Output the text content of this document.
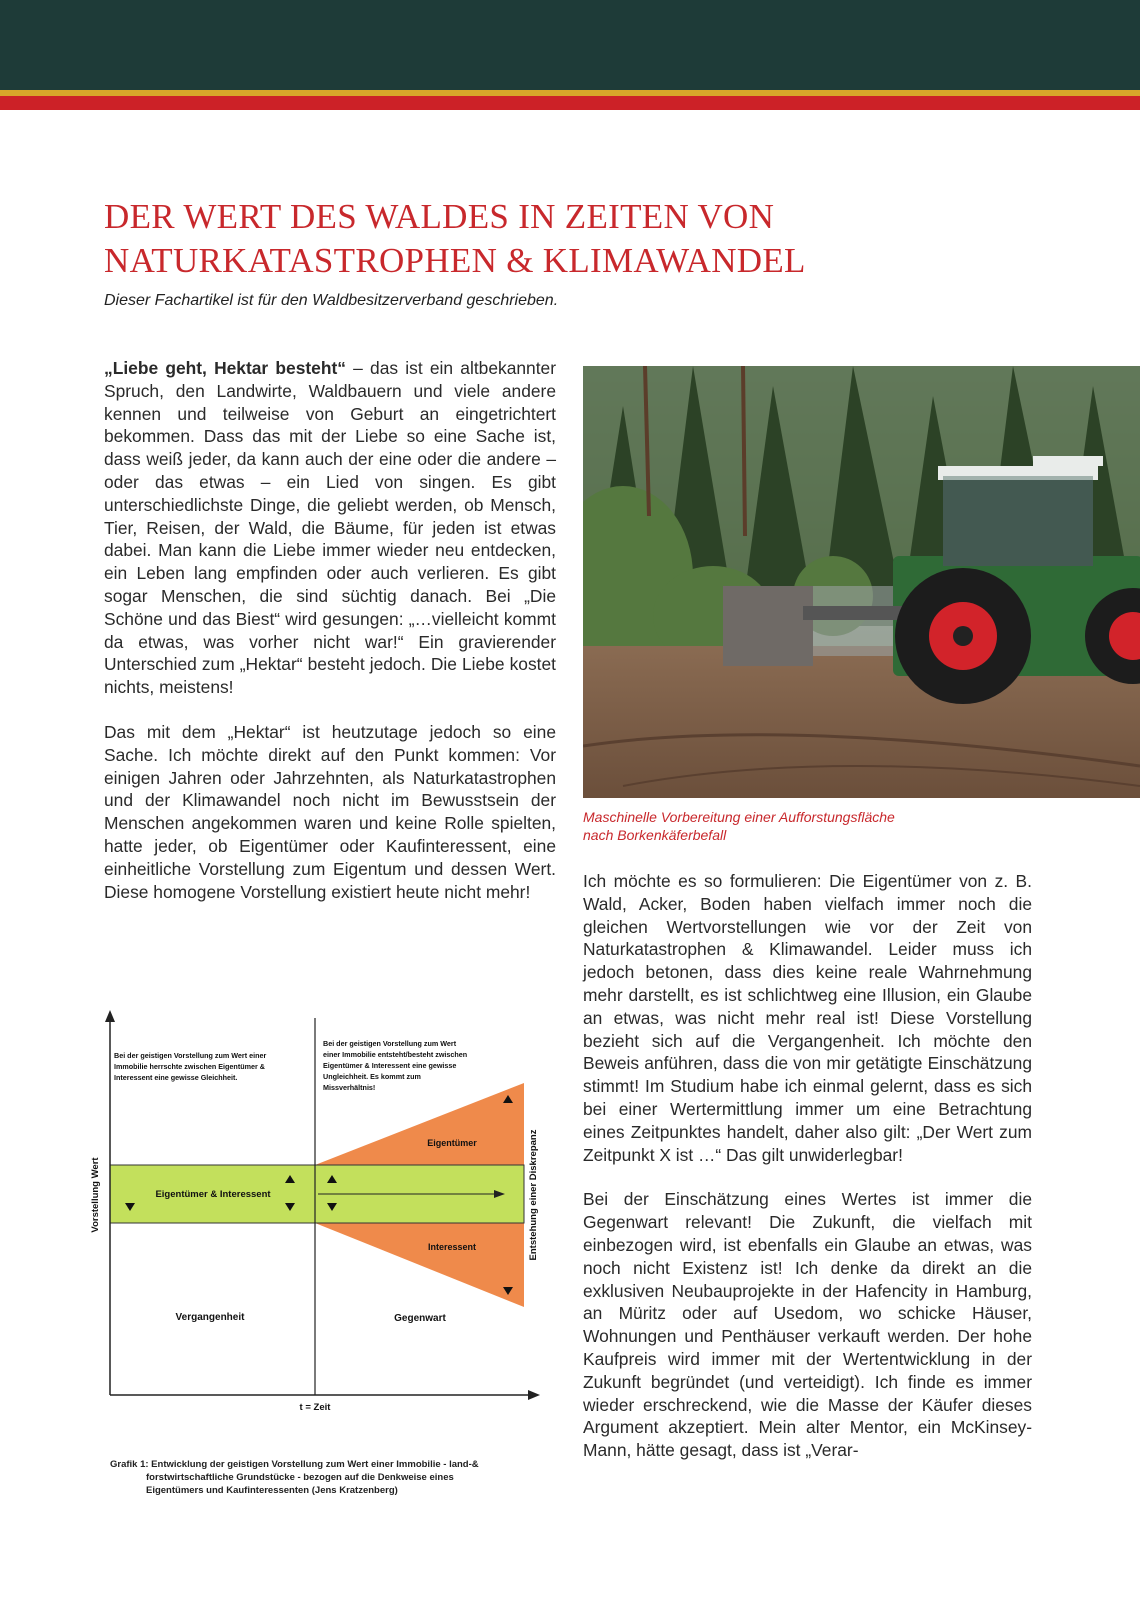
DER WERT DES WALDES IN ZEITEN VON
NATURKATASTROPHEN & KLIMAWANDEL

Dieser Fachartikel ist für den Waldbesitzerverband geschrieben.

„Liebe geht, Hektar besteht“ – das ist ein altbekannter Spruch, den Landwirte, Waldbauern und viele andere kennen und teilweise von Geburt an eingetrichtert bekommen. Dass das mit der Liebe so eine Sache ist, dass weiß jeder, da kann auch der eine oder die andere – oder das etwas – ein Lied von singen. Es gibt unterschiedlichste Dinge, die geliebt werden, ob Mensch, Tier, Reisen, der Wald, die Bäume, für jeden ist etwas dabei. Man kann die Liebe immer wieder neu entdecken, ein Leben lang empfinden oder auch verlieren. Es gibt sogar Menschen, die sind süchtig danach. Bei „Die Schöne und das Biest“ wird gesungen: „…vielleicht kommt da etwas, was vorher nicht war!“ Ein gravierender Unterschied zum „Hektar“ besteht jedoch. Die Liebe kostet nichts, meistens!

Das mit dem „Hektar“ ist heutzutage jedoch so eine Sache. Ich möchte direkt auf den Punkt kommen: Vor einigen Jahren oder Jahrzehnten, als Naturkatastrophen und der Klimawandel noch nicht im Bewusstsein der Menschen angekommen waren und keine Rolle spielten, hatte jeder, ob Eigentümer oder Kaufinteressent, eine einheitliche Vorstellung zum Eigentum und dessen Wert. Diese homogene Vorstellung existiert heute nicht mehr!

Maschinelle Vorbereitung einer Aufforstungsfläche
nach Borkenkäferbefall

Ich möchte es so formulieren: Die Eigentümer von z. B. Wald, Acker, Boden haben vielfach immer noch die gleichen Wertvorstellungen wie vor der Zeit von Naturkatastrophen & Klimawandel. Leider muss ich jedoch betonen, dass dies keine reale Wahrnehmung mehr darstellt, es ist schlichtweg eine Illusion, ein Glaube an etwas, was nicht mehr real ist! Diese Vorstellung bezieht sich auf die Vergangenheit. Ich möchte den Beweis anführen, dass die von mir getätigte Einschätzung stimmt! Im Studium habe ich einmal gelernt, dass es sich bei einer Wertermittlung immer um eine Betrachtung eines Zeitpunktes handelt, daher also gilt: „Der Wert zum Zeitpunkt X ist …“ Das gilt unwiderlegbar!

Bei der Einschätzung eines Wertes ist immer die Gegenwart relevant! Die Zukunft, die vielfach mit einbezogen wird, ist ebenfalls ein Glaube an etwas, was noch nicht Existenz ist! Ich denke da direkt an die exklusiven Neubauprojekte in der Hafencity in Hamburg, an Müritz oder auf Usedom, wo schicke Häuser, Wohnungen und Penthäuser verkauft werden. Der hohe Kaufpreis wird immer mit der Wertentwicklung in der Zukunft begründet (und verteidigt). Ich finde es immer wieder erschreckend, wie die Masse der Käufer dieses Argument akzeptiert. Mein alter Mentor, ein McKinsey-Mann, hätte gesagt, dass ist „Verar-

Eigentümer & Interessent
Eigentümer
Interessent
Vergangenheit	Gegenwart
t = Zeit
Vorstellung Wert	Entstehung einer Diskrepanz
Bei der geistigen Vorstellung zum Wert einer
Immobilie herrschte zwischen Eigentümer &
Interessent eine gewisse Gleichheit.
Bei der geistigen Vorstellung zum Wert
einer Immobilie entsteht/besteht zwischen
Eigentümer & Interessent eine gewisse
Ungleichheit. Es kommt zum
Missverhältnis!
Grafik 1: Entwicklung der geistigen Vorstellung zum Wert einer Immobilie - land-&
forstwirtschaftliche Grundstücke - bezogen auf die Denkweise eines
Eigentümers und Kaufinteressenten (Jens Kratzenberg)
